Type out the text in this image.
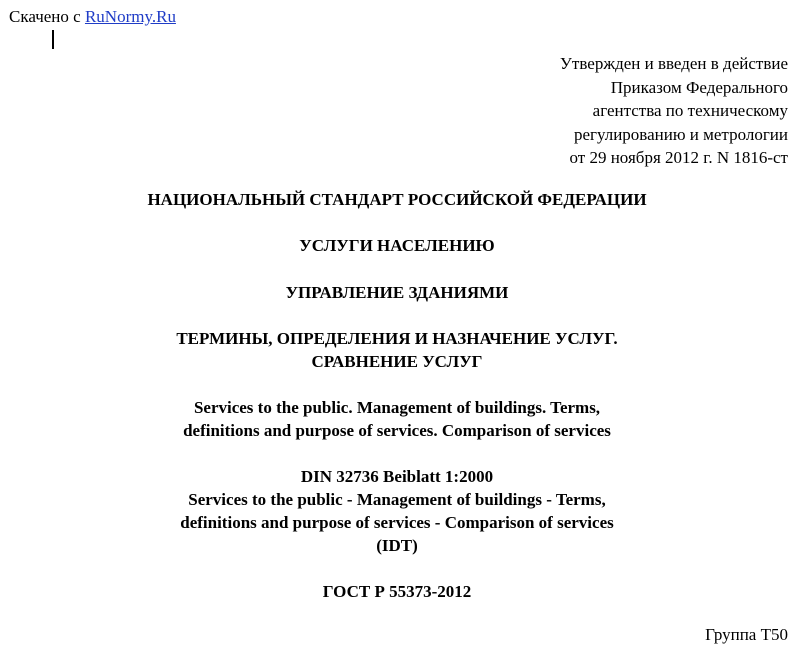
Скачено с RuNormy.Ru
Утвержден и введен в действие
Приказом Федерального
агентства по техническому
регулированию и метрологии
от 29 ноября 2012 г. N 1816-ст
НАЦИОНАЛЬНЫЙ СТАНДАРТ РОССИЙСКОЙ ФЕДЕРАЦИИ
УСЛУГИ НАСЕЛЕНИЮ
УПРАВЛЕНИЕ ЗДАНИЯМИ
ТЕРМИНЫ, ОПРЕДЕЛЕНИЯ И НАЗНАЧЕНИЕ УСЛУГ.
СРАВНЕНИЕ УСЛУГ
Services to the public. Management of buildings. Terms,
definitions and purpose of services. Comparison of services
DIN 32736 Beiblatt 1:2000
Services to the public - Management of buildings - Terms,
definitions and purpose of services - Comparison of services
(IDT)
ГОСТ Р 55373-2012
Группа Т50
